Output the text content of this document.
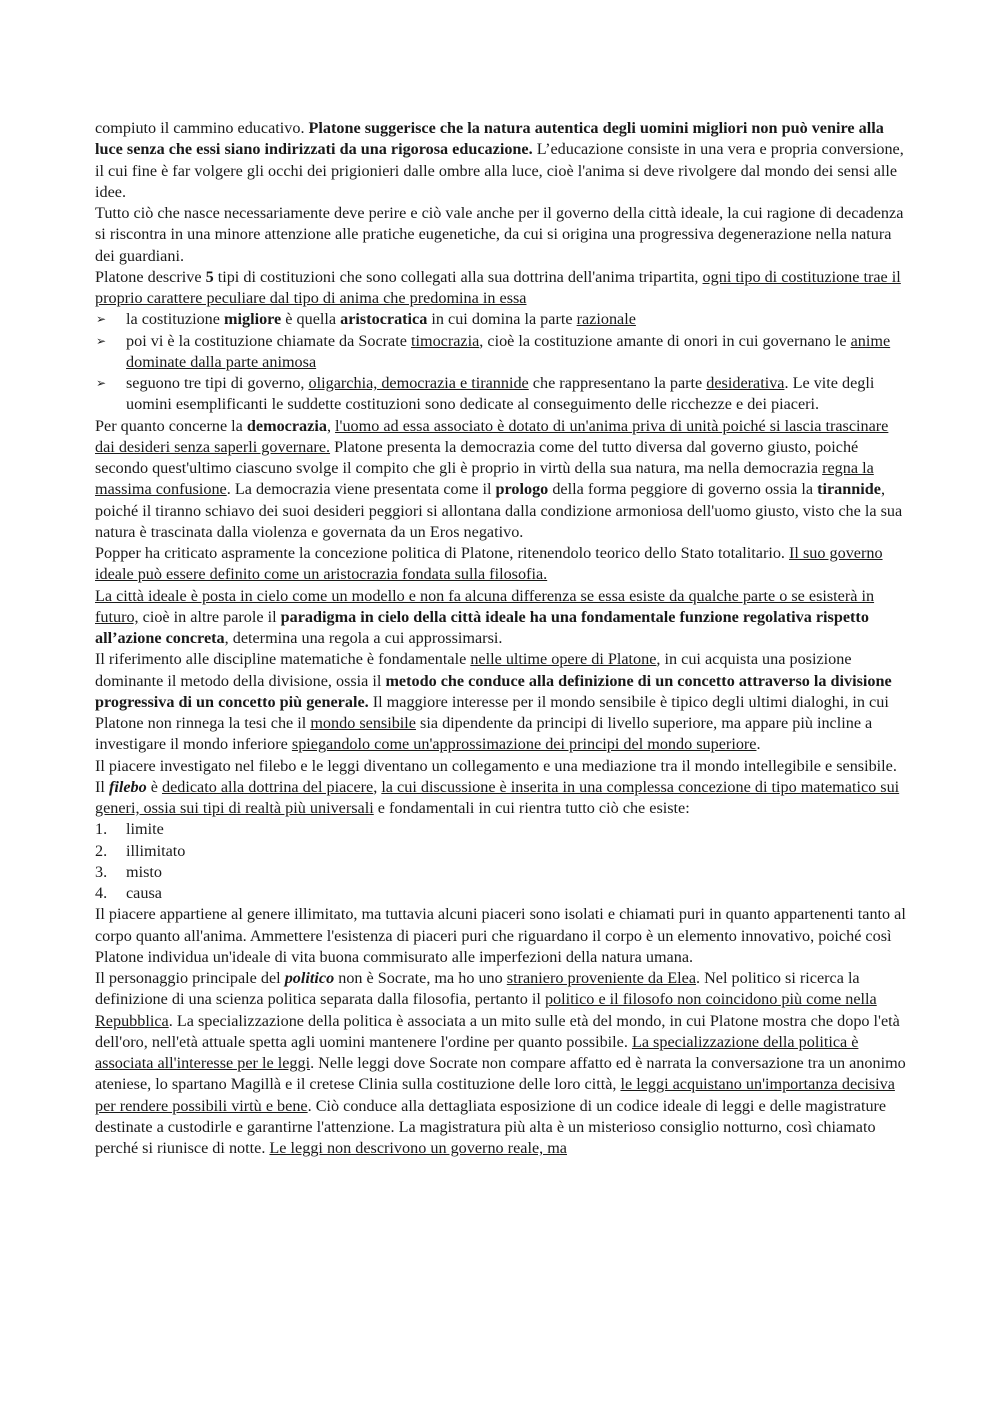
compiuto il cammino educativo. Platone suggerisce che la natura autentica degli uomini migliori non può venire alla luce senza che essi siano indirizzati da una rigorosa educazione. L’educazione consiste in una vera e propria conversione, il cui fine è far volgere gli occhi dei prigionieri dalle ombre alla luce, cioè l'anima si deve rivolgere dal mondo dei sensi alle idee.

Tutto ciò che nasce necessariamente deve perire e ciò vale anche per il governo della città ideale, la cui ragione di decadenza si riscontra in una minore attenzione alle pratiche eugenetiche, da cui si origina una progressiva degenerazione nella natura dei guardiani.

Platone descrive 5 tipi di costituzioni che sono collegati alla sua dottrina dell'anima tripartita, ogni tipo di costituzione trae il proprio carattere peculiare dal tipo di anima che predomina in essa

➢ la costituzione migliore è quella aristocratica in cui domina la parte razionale
➢ poi vi è la costituzione chiamate da Socrate timocrazia, cioè la costituzione amante di onori in cui governano le anime dominate dalla parte animosa
➢ seguono tre tipi di governo, oligarchia, democrazia e tirannide che rappresentano la parte desiderativa. Le vite degli uomini esemplificanti le suddette costituzioni sono dedicate al conseguimento delle ricchezze e dei piaceri.

Per quanto concerne la democrazia, l'uomo ad essa associato è dotato di un'anima priva di unità poiché si lascia trascinare dai desideri senza saperli governare. Platone presenta la democrazia come del tutto diversa dal governo giusto, poiché secondo quest'ultimo ciascuno svolge il compito che gli è proprio in virtù della sua natura, ma nella democrazia regna la massima confusione. La democrazia viene presentata come il prologo della forma peggiore di governo ossia la tirannide, poiché il tiranno schiavo dei suoi desideri peggiori si allontana dalla condizione armoniosa dell'uomo giusto, visto che la sua natura è trascinata dalla violenza e governata da un Eros negativo.

Popper ha criticato aspramente la concezione politica di Platone, ritenendolo teorico dello Stato totalitario. Il suo governo ideale può essere definito come un aristocrazia fondata sulla filosofia.

La città ideale è posta in cielo come un modello e non fa alcuna differenza se essa esiste da qualche parte o se esisterà in futuro, cioè in altre parole il paradigma in cielo della città ideale ha una fondamentale funzione regolativa rispetto all’azione concreta, determina una regola a cui approssimarsi.

Il riferimento alle discipline matematiche è fondamentale nelle ultime opere di Platone, in cui acquista una posizione dominante il metodo della divisione, ossia il metodo che conduce alla definizione di un concetto attraverso la divisione progressiva di un concetto più generale. Il maggiore interesse per il mondo sensibile è tipico degli ultimi dialoghi, in cui Platone non rinnega la tesi che il mondo sensibile sia dipendente da principi di livello superiore, ma appare più incline a investigare il mondo inferiore spiegandolo come un'approssimazione dei principi del mondo superiore.

Il piacere investigato nel filebo e le leggi diventano un collegamento e una mediazione tra il mondo intellegibile e sensibile.

Il filebo è dedicato alla dottrina del piacere, la cui discussione è inserita in una complessa concezione di tipo matematico sui generi, ossia sui tipi di realtà più universali e fondamentali in cui rientra tutto ciò che esiste:

1. limite
2. illimitato
3. misto
4. causa

Il piacere appartiene al genere illimitato, ma tuttavia alcuni piaceri sono isolati e chiamati puri in quanto appartenenti tanto al corpo quanto all'anima. Ammettere l'esistenza di piaceri puri che riguardano il corpo è un elemento innovativo, poiché così Platone individua un'ideale di vita buona commisurato alle imperfezioni della natura umana.

Il personaggio principale del politico non è Socrate, ma ho uno straniero proveniente da Elea. Nel politico si ricerca la definizione di una scienza politica separata dalla filosofia, pertanto il politico e il filosofo non coincidono più come nella Repubblica. La specializzazione della politica è associata a un mito sulle età del mondo, in cui Platone mostra che dopo l'età dell'oro, nell'età attuale spetta agli uomini mantenere l'ordine per quanto possibile. La specializzazione della politica è associata all'interesse per le leggi. Nelle leggi dove Socrate non compare affatto ed è narrata la conversazione tra un anonimo ateniese, lo spartano Magillà e il cretese Clinia sulla costituzione delle loro città, le leggi acquistano un'importanza decisiva per rendere possibili virtù e bene. Ciò conduce alla dettagliata esposizione di un codice ideale di leggi e delle magistrature destinate a custodirle e garantirne l'attenzione. La magistratura più alta è un misterioso consiglio notturno, così chiamato perché si riunisce di notte. Le leggi non descrivono un governo reale, ma
